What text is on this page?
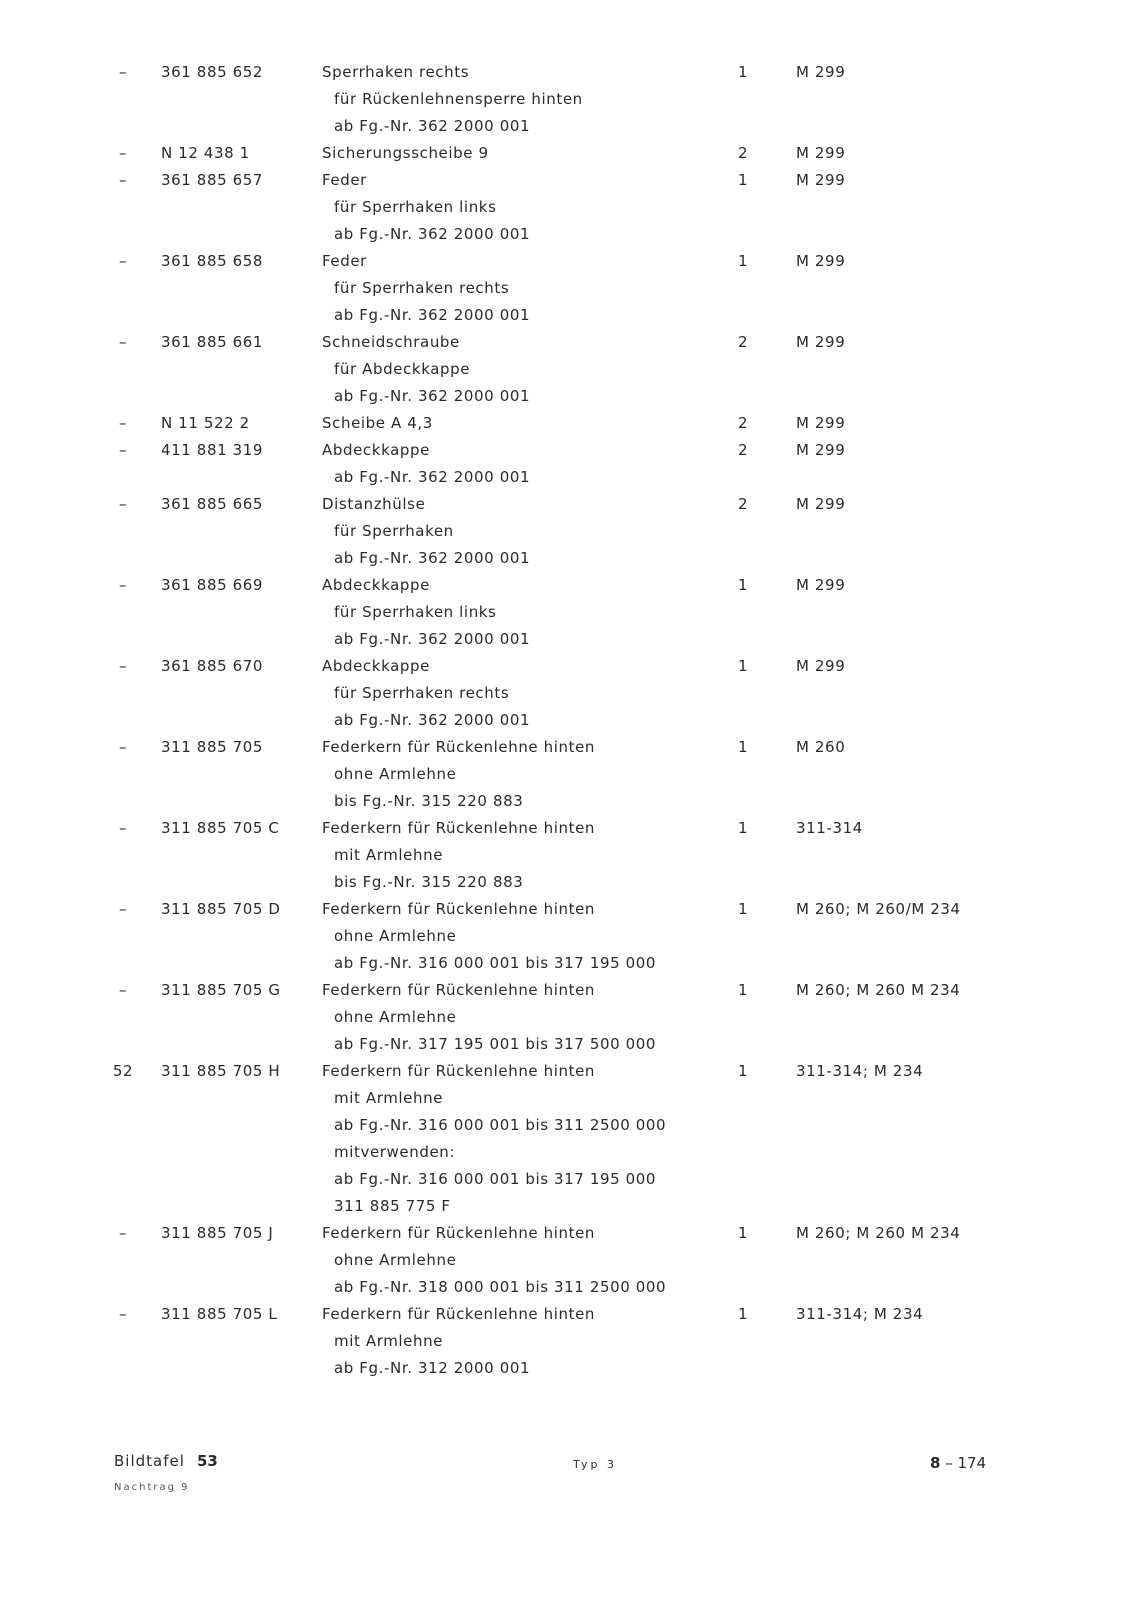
–	361 885 652	Sperrhaken rechts	1	M 299
für Rückenlehnensperre hinten
ab Fg.-Nr. 362 2000 001
–	N 12 438 1	Sicherungsscheibe 9	2	M 299
–	361 885 657	Feder	1	M 299
für Sperrhaken links
ab Fg.-Nr. 362 2000 001
–	361 885 658	Feder	1	M 299
für Sperrhaken rechts
ab Fg.-Nr. 362 2000 001
–	361 885 661	Schneidschraube	2	M 299
für Abdeckkappe
ab Fg.-Nr. 362 2000 001
–	N 11 522 2	Scheibe A 4,3	2	M 299
–	411 881 319	Abdeckkappe	2	M 299
ab Fg.-Nr. 362 2000 001
–	361 885 665	Distanzhülse	2	M 299
für Sperrhaken
ab Fg.-Nr. 362 2000 001
–	361 885 669	Abdeckkappe	1	M 299
für Sperrhaken links
ab Fg.-Nr. 362 2000 001
–	361 885 670	Abdeckkappe	1	M 299
für Sperrhaken rechts
ab Fg.-Nr. 362 2000 001
–	311 885 705	Federkern für Rückenlehne hinten	1	M 260
ohne Armlehne
bis Fg.-Nr. 315 220 883
–	311 885 705 C	Federkern für Rückenlehne hinten	1	311-314
mit Armlehne
bis Fg.-Nr. 315 220 883
–	311 885 705 D	Federkern für Rückenlehne hinten	1	M 260; M 260/M 234
ohne Armlehne
ab Fg.-Nr. 316 000 001 bis 317 195 000
–	311 885 705 G	Federkern für Rückenlehne hinten	1	M 260; M 260 M 234
ohne Armlehne
ab Fg.-Nr. 317 195 001 bis 317 500 000
52	311 885 705 H	Federkern für Rückenlehne hinten	1	311-314; M 234
mit Armlehne
ab Fg.-Nr. 316 000 001 bis 311 2500 000
mitverwenden:
ab Fg.-Nr. 316 000 001 bis 317 195 000
311 885 775 F
–	311 885 705 J	Federkern für Rückenlehne hinten	1	M 260; M 260 M 234
ohne Armlehne
ab Fg.-Nr. 318 000 001 bis 311 2500 000
–	311 885 705 L	Federkern für Rückenlehne hinten	1	311-314; M 234
mit Armlehne
ab Fg.-Nr. 312 2000 001
Bildtafel 53
Nachtrag 9
Typ 3	8 – 174
